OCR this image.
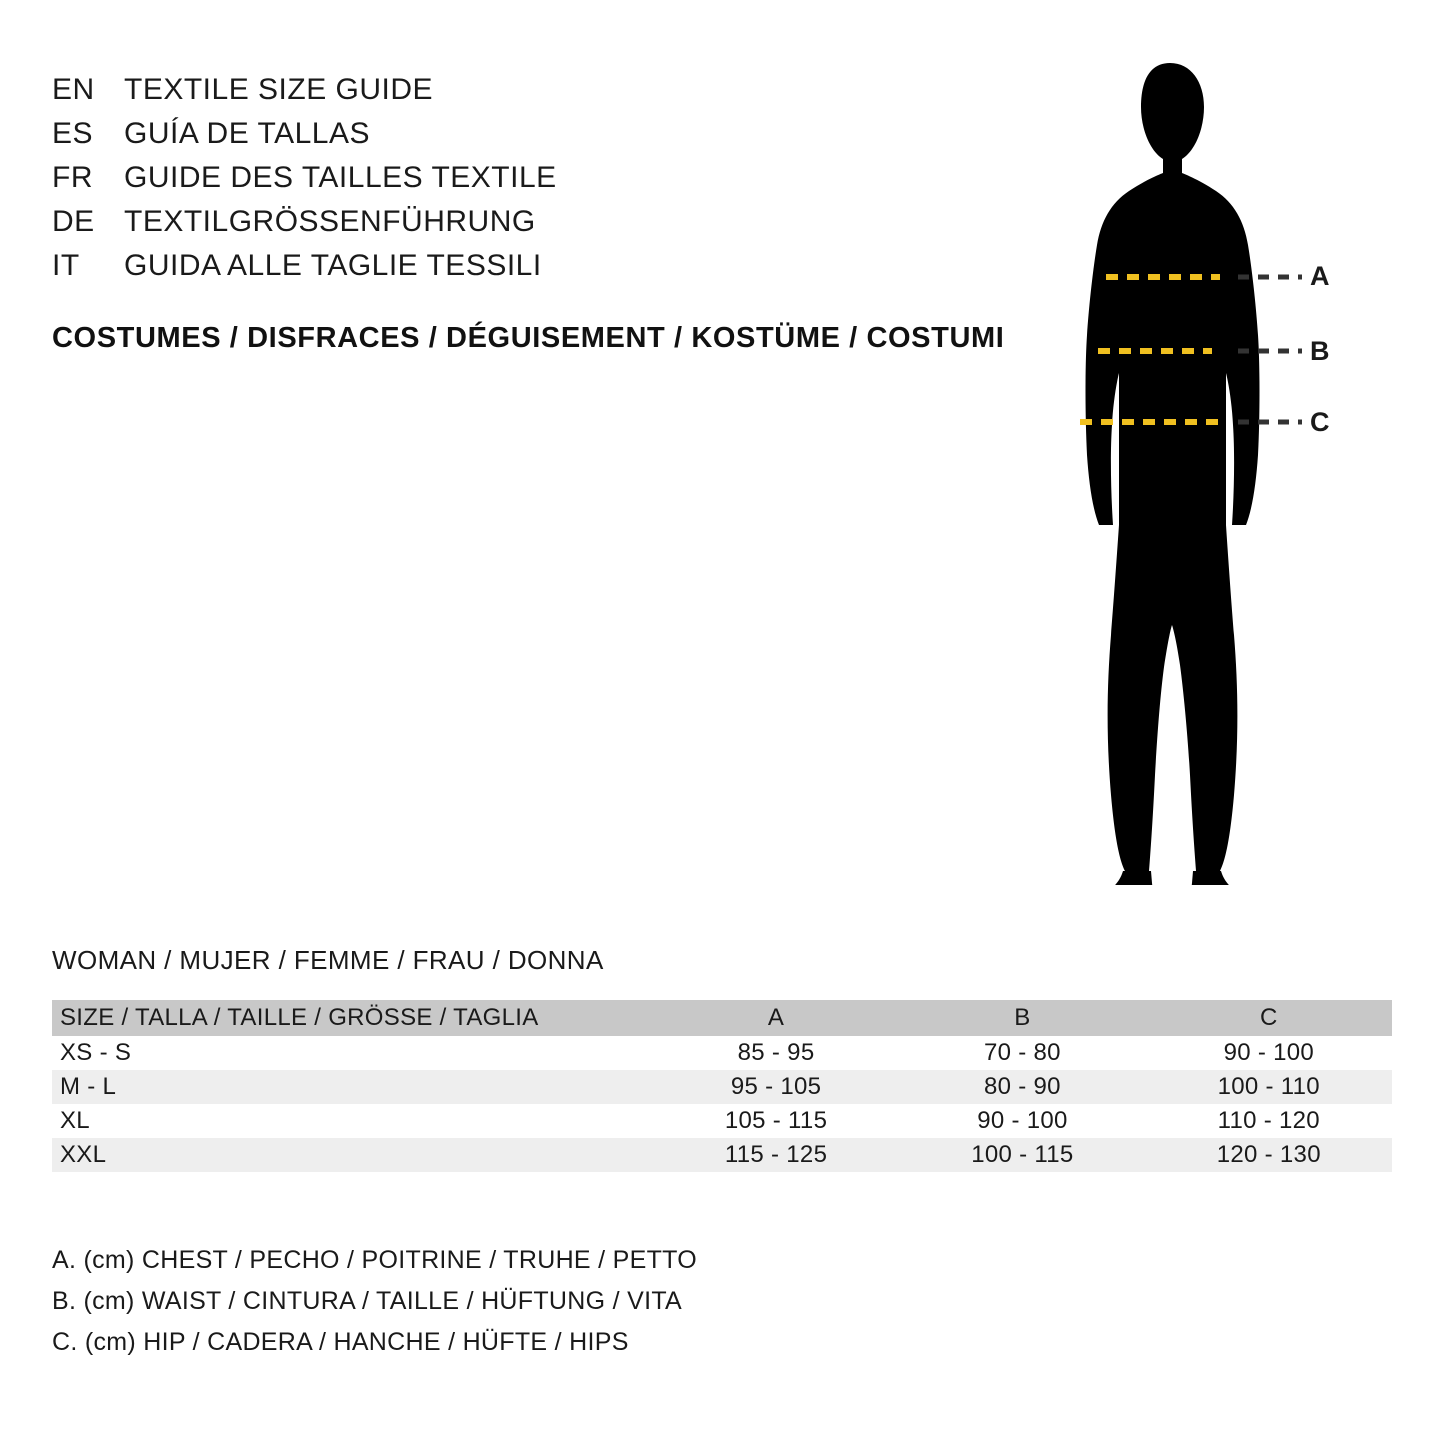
EN TEXTILE SIZE GUIDE
ES	GUÍA DE TALLAS
FR	GUIDE DES TAILLES TEXTILE
DE TEXTILGRÖSSENFÜHRUNG
IT	GUIDA ALLE TAGLIE TESSILI
COSTUMES / DISFRACES / DÉGUISEMENT / KOSTÜME / COSTUMI
A
B
C
WOMAN / MUJER / FEMME / FRAU / DONNA
SIZE / TALLA / TAILLE / GRÖSSE / TAGLIA	A	B	C
XS - S	85 - 95	70 - 80	90 - 100
M - L	95 - 105	80 - 90	100 - 110
XL	105 - 115	90 - 100	110 - 120
XXL	115 - 125	100 - 115	120 - 130
A. (cm) CHEST / PECHO / POITRINE / TRUHE / PETTO
B. (cm) WAIST / CINTURA / TAILLE / HÜFTUNG / VITA
C. (cm) HIP / CADERA / HANCHE / HÜFTE / HIPS
